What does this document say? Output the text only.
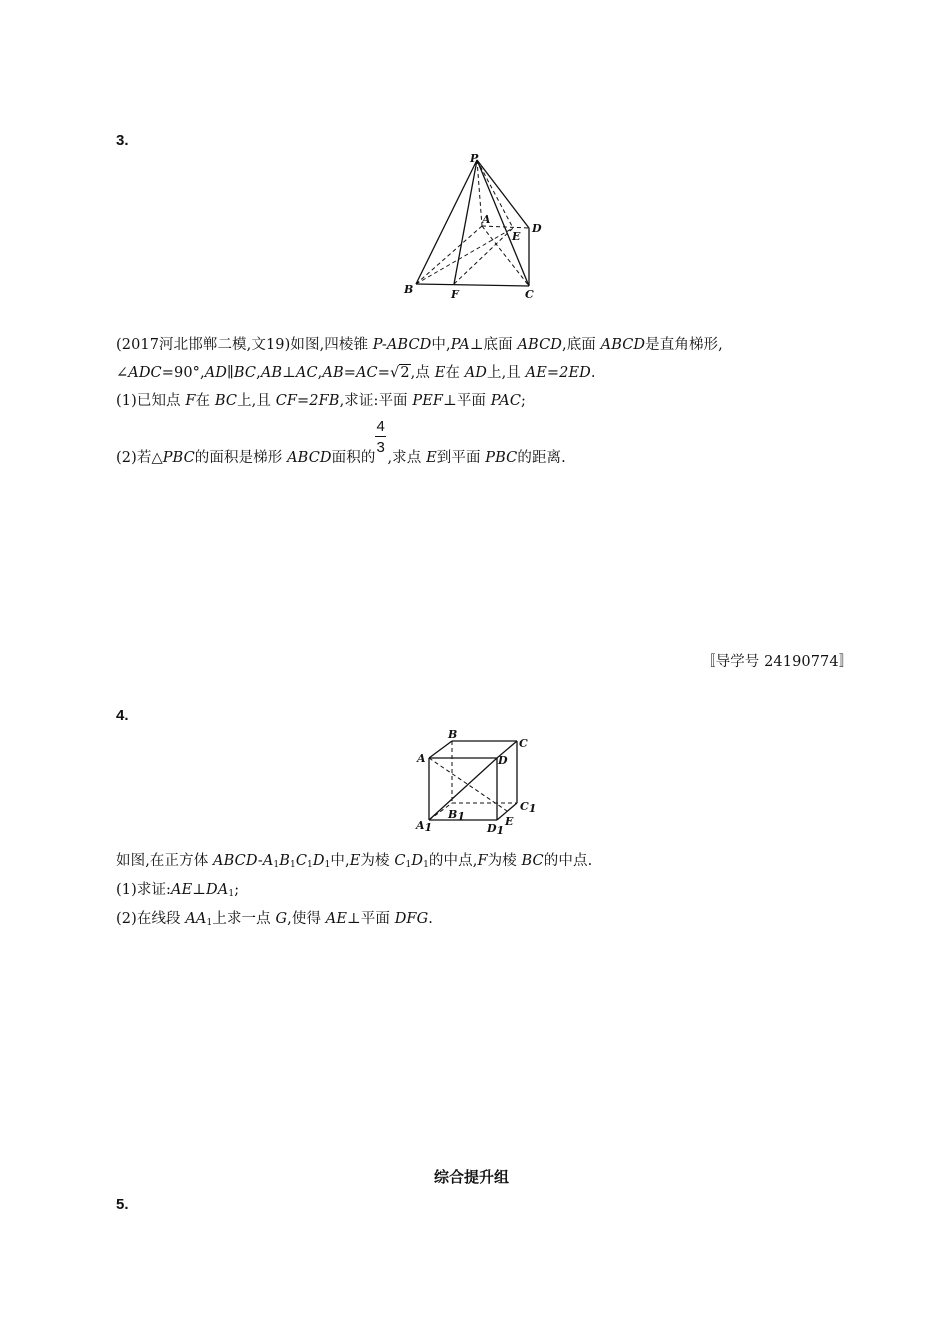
3.
P
A
D
E
B	F	C
(2017河北邯郸二模,文19)如图,四棱锥 P-ABCD中,PA⊥底面 ABCD,底面 ABCD是直角梯形,
∠ADC=90°,AD∥BC,AB⊥AC,AB=AC=√2,点 E在 AD上,且 AE=2ED.
(1)已知点 F在 BC上,且 CF=2FB,求证:平面 PEF⊥平面 PAC;
(2)若△PBC的面积是梯形 ABCD面积的 $\frac{4}{3}$ ,求点 E到平面 PBC的距离.
〚导学号 24190774〛
4.
B
C
A	D
C1
A1
B1
D1
E
如图,在正方体 ABCD-$A_1B_1C_1D_1$中,E为棱 $C_1D_1$的中点,F为棱 BC的中点.
(1)求证$:AE\perp DA_1$;
(2)在线段 $AA_1$上求一点 G,使得 AE⊥平面 DFG.
综合提升组
5.
